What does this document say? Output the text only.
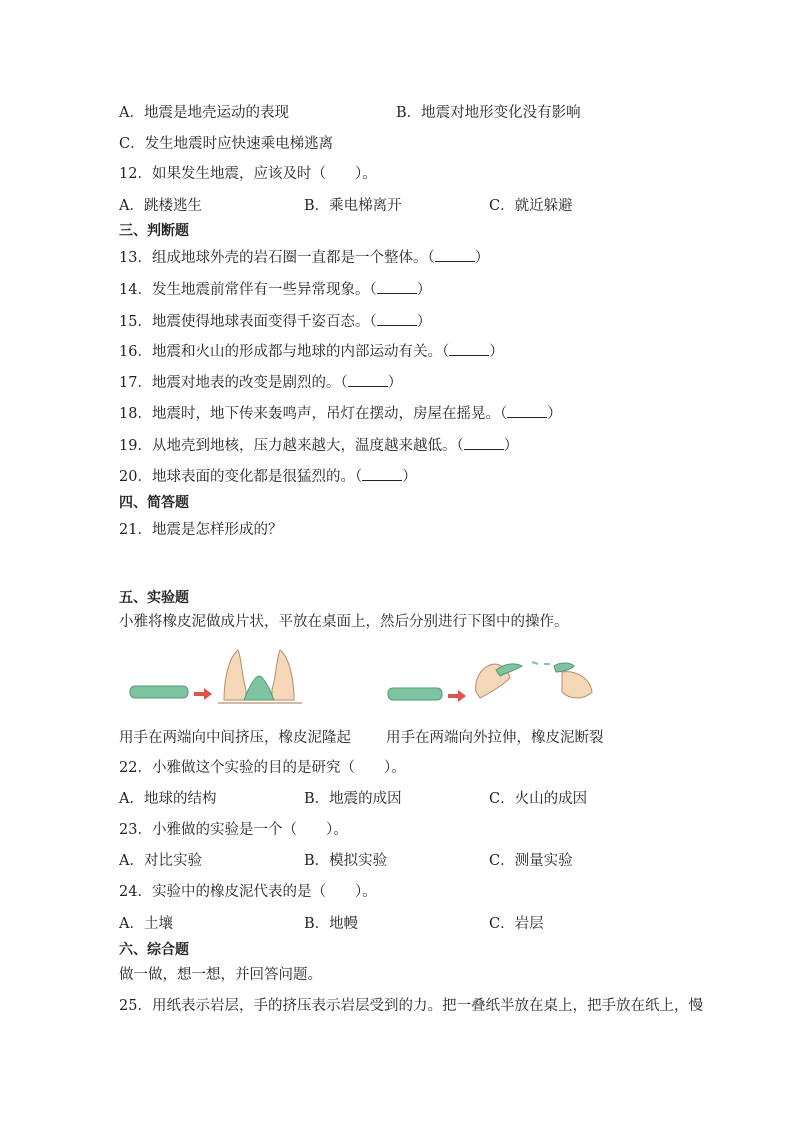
A．地震是地壳运动的表现	B．地震对地形变化没有影响
C．发生地震时应快速乘电梯逃离
12．如果发生地震，应该及时（　　）。
A．跳楼逃生	B．乘电梯离开	C．就近躲避
三、判断题
13．组成地球外壳的岩石圈一直都是一个整体。（	）
14．发生地震前常伴有一些异常现象。（	）
15．地震使得地球表面变得千姿百态。（	）
16．地震和火山的形成都与地球的内部运动有关。（	）
17．地震对地表的改变是剧烈的。（	）
18．地震时，地下传来轰鸣声，吊灯在摆动，房屋在摇晃。（	）
19．从地壳到地核，压力越来越大，温度越来越低。（	）
20．地球表面的变化都是很猛烈的。（	）
四、简答题
21．地震是怎样形成的？
五、实验题
小雅将橡皮泥做成片状，平放在桌面上，然后分别进行下图中的操作。
用手在两端向中间挤压，橡皮泥隆起 用手在两端向外拉伸，橡皮泥断裂
22．小雅做这个实验的目的是研究（　　）。
A．地球的结构	B．地震的成因	C．火山的成因
23．小雅做的实验是一个（　　）。
A．对比实验	B．模拟实验	C．测量实验
24．实验中的橡皮泥代表的是（　　）。
A．土壤	B．地幔	C．岩层
六、综合题
做一做，想一想，并回答问题。
25．用纸表示岩层，手的挤压表示岩层受到的力。把一叠纸半放在桌上，把手放在纸上，慢
